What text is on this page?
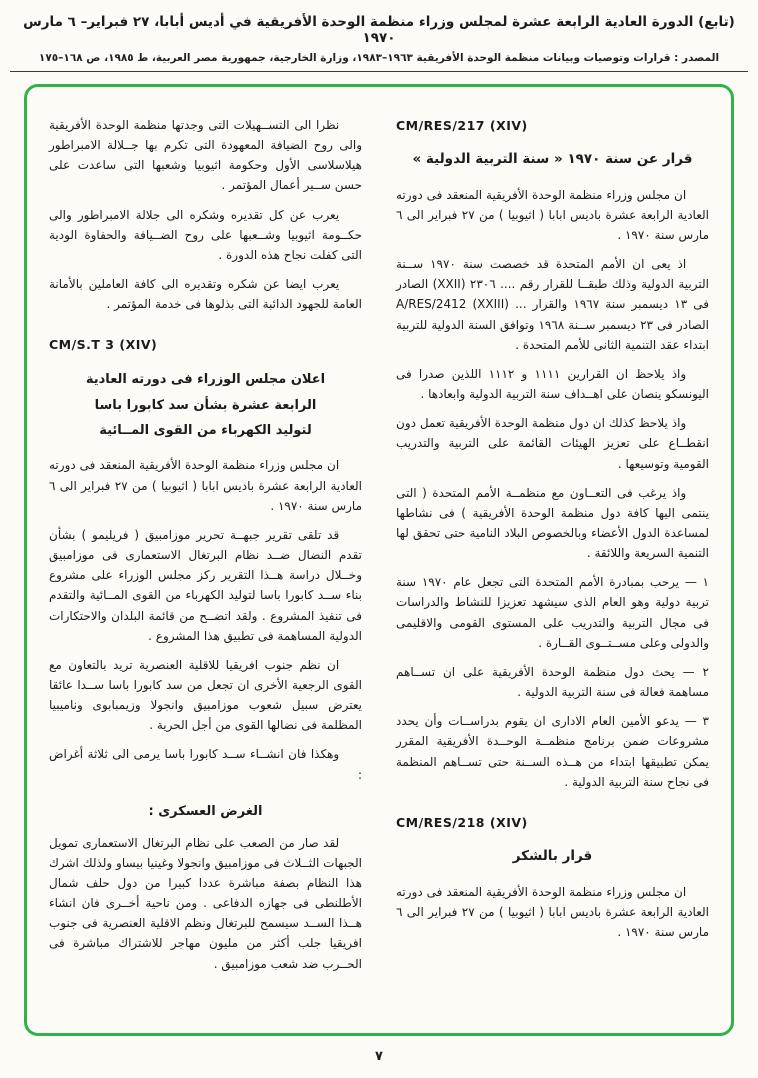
(تابع) الدورة العادية الرابعة عشرة لمجلس وزراء منظمة الوحدة الأفريقية في أديس أبابا، ٢٧ فبراير– ٦ مارس ١٩٧٠
المصدر : قرارات وتوصيات وبيانات منظمة الوحدة الأفريقية ١٩٦٣–١٩٨٣، وزارة الخارجية، جمهورية مصر العربية، ط ١٩٨٥، ص ١٦٨–١٧٥
CM/RES/217 (XIV)
قرار عن سنة ١٩٧٠ « سنة التربية الدولية »

ان مجلس وزراء منظمة الوحدة الأفريقية المنعقد فى دورته العادية الرابعة عشرة باديس ابابا ( اثيوبيا ) من ٢٧ فبراير الى ٦ مارس سنة ١٩٧٠ .

اذ يعى ان الأمم المتحدة قد خصصت سنة ١٩٧٠ ســنة التربية الدولية وذلك طبقــا للقرار رقم .... ٢٣٠٦ (XXII) الصادر فى ١٣ ديسمبر سنة ١٩٦٧ والقرار ... A/RES/2412 (XXIII) الصادر فى ٢٣ ديسمبر ســنة ١٩٦٨ وتوافق السنة الدولية للتربية ابتداء عقد التنمية الثانى للأمم المتحدة .

واذ يلاحظ ان القرارين ١١١١ و ١١١٢ اللذين صدرا فى اليونسكو ينصان على اهــداف سنة التربية الدولية وابعادها .

واذ يلاحظ كذلك ان دول منظمة الوحدة الأفريقية تعمل دون انقطــاع على تعزيز الهيئات القائمة على التربية والتدريب القومية وتوسيعها .

واذ يرغب فى التعــاون مع منظمــة الأمم المتحدة ( التى ينتمى اليها كافة دول منظمة الوحدة الأفريقية ) فى نشاطها لمساعدة الدول الأعضاء وبالخصوص البلاد النامية حتى تحقق لها التنمية السريعة واللائقة .

١ — يرحب بمبادرة الأمم المتحدة التى تجعل عام ١٩٧٠ سنة تربية دولية وهو العام الذى سيشهد تعزيزا للنشاط والدراسات فى مجال التربية والتدريب على المستوى القومى والاقليمى والدولى وعلى مســتــوى القــارة .

٢ — يحث دول منظمة الوحدة الأفريقية على ان تســاهم مساهمة فعالة فى سنة التربية الدولية .

٣ — يدعو الأمين العام الادارى ان يقوم بدراســات وأن يحدد مشروعات ضمن برنامج منظمــة الوحــدة الأفريقية المقرر يمكن تطبيقها ابتداء من هــذه الســنة حتى تســاهم المنظمة فى نجاح سنة التربية الدولية .

CM/RES/218 (XIV)
قرار بالشكر

ان مجلس وزراء منظمة الوحدة الأفريقية المنعقد فى دورته العادية الرابعة عشرة باديس ابابا ( اثيوبيا ) من ٢٧ فبراير الى ٦ مارس سنة ١٩٧٠ .

نظرا الى التســهيلات التى وجدتها منظمة الوحدة الأفريقية والى روح الضيافة المعهودة التى تكرم بها جــلالة الامبراطور هيلاسلاسى الأول وحكومة اثيوبيا وشعبها التى ساعدت على حسن ســير أعمال المؤتمر .

يعرب عن كل تقديره وشكره الى جلالة الامبراطور والى حكــومة اثيوبيا وشــعبها على روح الضــيافة والحفاوة الودية التى كفلت نجاح هذه الدورة .

يعرب ايضا عن شكره وتقديره الى كافة العاملين بالأمانة العامة للجهود الدائبة التى بذلوها فى خدمة المؤتمر .

CM/S.T 3 (XIV)
اعلان مجلس الوزراء فى دورته العادية
الرابعة عشرة بشأن سد كابورا باسا
لتوليد الكهرباء من القوى المــائية

ان مجلس وزراء منظمة الوحدة الأفريقية المنعقد فى دورته العادية الرابعة عشرة باديس ابابا ( اثيوبيا ) من ٢٧ فبراير الى ٦ مارس سنة ١٩٧٠ .

قد تلقى تقرير جبهــة تحرير موزامبيق ( فريليمو ) بشأن تقدم النضال ضــد نظام البرتغال الاستعمارى فى موزامبيق وخــلال دراسة هــذا التقرير ركز مجلس الوزراء على مشروع بناء ســد كابورا باسا لتوليد الكهرباء من القوى المــائية والتقدم فى تنفيذ المشروع . ولقد اتضــح من قائمة البلدان والاحتكارات الدولية المساهمة فى تطبيق هذا المشروع .

ان نظم جنوب افريقيا للاقلية العنصرية تريد بالتعاون مع القوى الرجعية الأخرى ان تجعل من سد كابورا باسا ســدا عائقا يعترض سبيل شعوب موزامبيق وانجولا وزيمبابوى وناميبيا المظلمة فى نضالها القوى من أجل الحرية .

وهكذا فان انشــاء ســد كابورا باسا يرمى الى ثلاثة أغراض :

الغرض العسكرى :

لقد صار من الصعب على نظام البرتغال الاستعمارى تمويل الجبهات الثــلاث فى موزامبيق وانجولا وغينيا بيساو ولذلك اشرك هذا النظام بصفة مباشرة عددا كبيرا من دول حلف شمال الأطلنطى فى جهازه الدفاعى . ومن ناحية أخــرى فان انشاء هــذا الســد سيسمح للبرتغال ونظم الاقلية العنصرية فى جنوب افريقيا جلب أكثر من مليون مهاجر للاشتراك مباشرة فى الحــرب ضد شعب موزامبيق .

٧
